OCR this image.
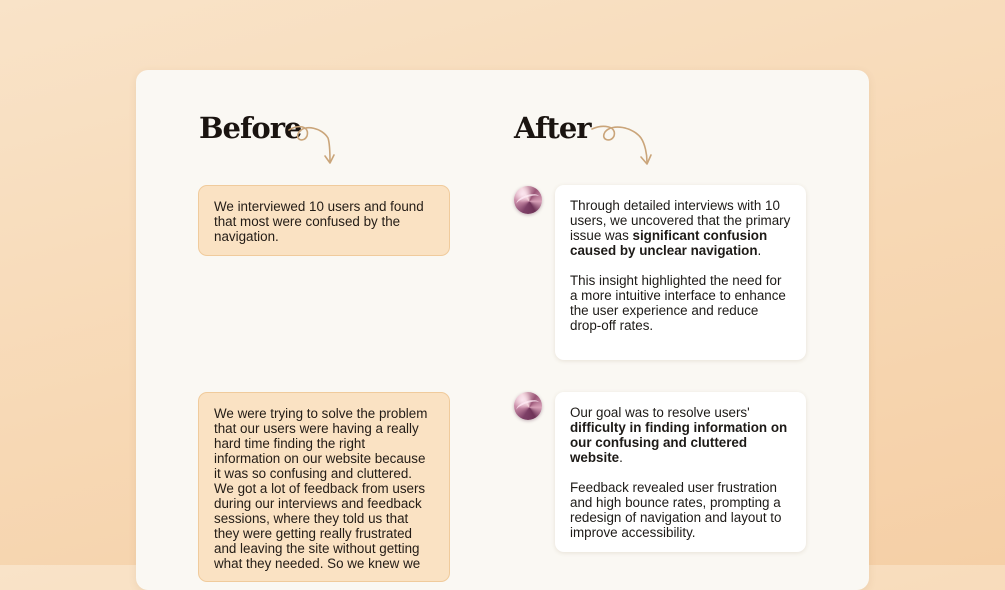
Before	After

We interviewed 10 users and found that most were confused by the navigation.

We were trying to solve the problem that our users were having a really hard time finding the right information on our website because it was so confusing and cluttered. We got a lot of feedback from users during our interviews and feedback sessions, where they told us that they were getting really frustrated and leaving the site without getting what they needed. So we knew we

Through detailed interviews with 10 users, we uncovered that the primary issue was significant confusion caused by unclear navigation.

This insight highlighted the need for a more intuitive interface to enhance the user experience and reduce drop-off rates.

Our goal was to resolve users' difficulty in finding information on our confusing and cluttered website.

Feedback revealed user frustration and high bounce rates, prompting a redesign of navigation and layout to improve accessibility.
